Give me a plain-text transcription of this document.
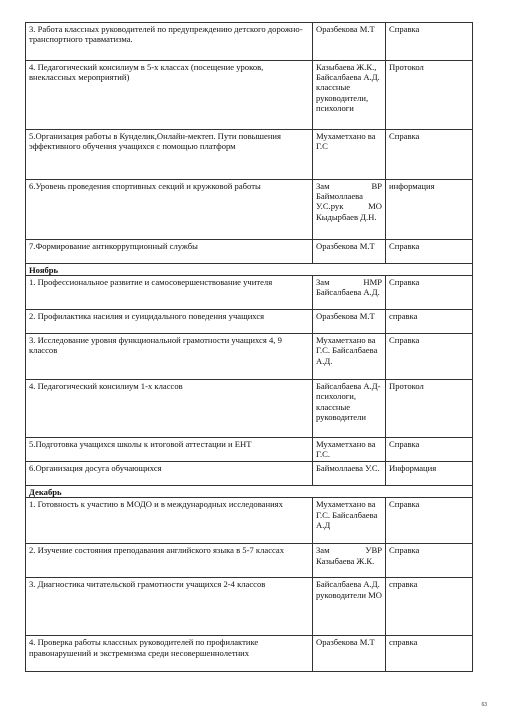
3. Работа классных руководителей по предупреждению детского дорожно-транспортного травматизма.	Оразбекова М.Т	Справка
4. Педагогический консилиум в 5-х классах (посещение уроков, внеклассных мероприятий)	Казыбаева Ж.К., Байсалбаева А.Д. классные руководители, психологи	Протокол
5.Организация работы в Кунделик,Онлайн-мектеп. Пути повышения эффективного обучения учащихся с помощью платформ	Мухаметхано ва Г.С	Справка
6.Уровень проведения спортивных секций и кружковой работы	Зам ВР Баймоллаева У.С.рук МО Кыдырбаев Д.Н.	информация
7.Формирование антикоррупционный службы	Оразбекова М.Т	Справка
Ноябрь		
1. Профессиональное развитие и самосовершенствование учителя	Зам НМР Байсалбаева А.Д.	Справка
2. Профилактика насилия и суицидального поведения учащихся	Оразбекова М.Т	справка
3. Исследование уровня функциональной грамотности учащихся 4, 9 классов	Мухаметхано ва Г.С. Байсалбаева А.Д.	Справка
4. Педагогический консилиум 1-х классов	Байсалбаева А.Д- психологи, классные руководители	Протокол
5.Подготовка учащихся школы к итоговой аттестации и ЕНТ	Мухаметхано ва Г.С.	Справка
6.Организация досуга обучающихся	Баймоллаева У.С.	Информация
Декабрь		
1. Готовность к участию в МОДО и в международных исследованиях	Мухаметхано ва Г.С. Байсалбаева А.Д	Справка
2. Изучение состояния преподавания английского языка в 5-7 классах	Зам УВР Казыбаева Ж.К.	Справка
3. Диагностика читательской грамотности учащихся 2-4 классов	Байсалбаева А.Д. руководители МО	справка
4. Проверка работы классных руководителей по профилактике правонарушений и экстремизма среди несовершеннолетних	Оразбекова М.Т	справка
63
